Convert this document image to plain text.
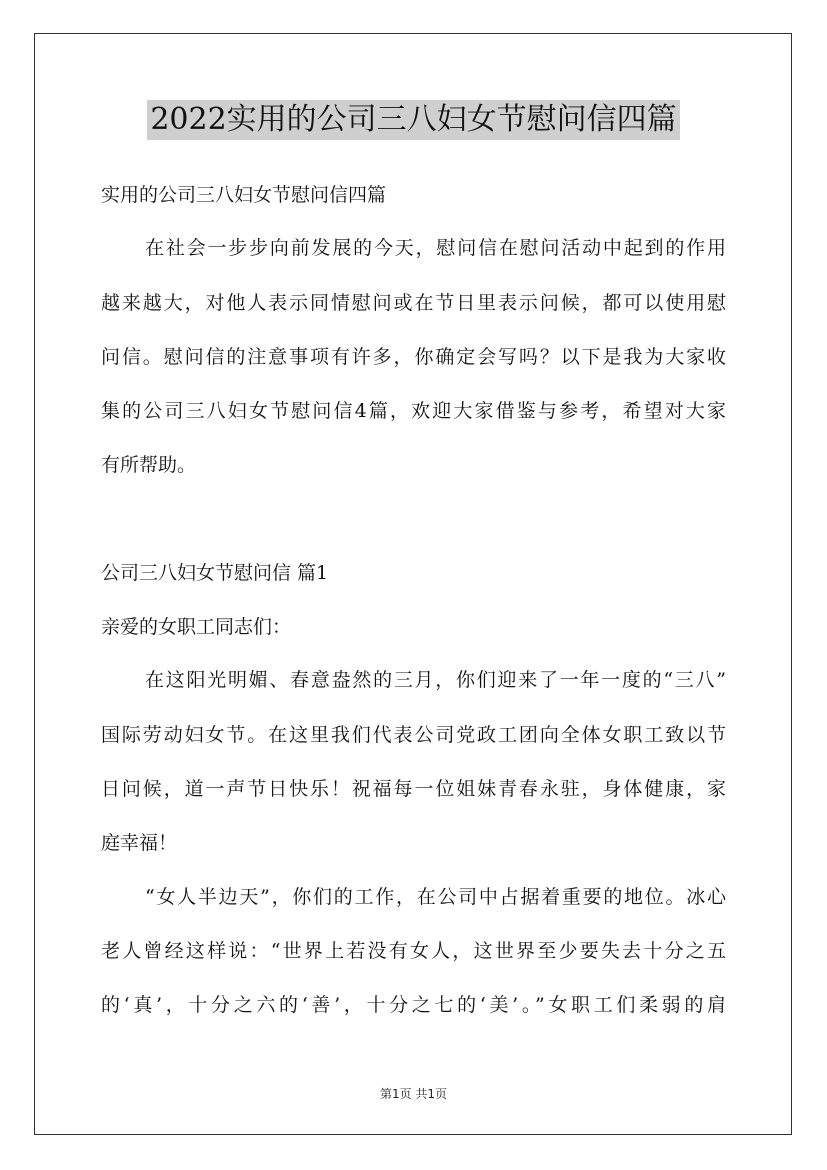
2022实用的公司三八妇女节慰问信四篇
实用的公司三八妇女节慰问信四篇
在社会一步步向前发展的今天，慰问信在慰问活动中起到的作用
越来越大，对他人表示同情慰问或在节日里表示问候，都可以使用慰
问信。慰问信的注意事项有许多，你确定会写吗？以下是我为大家收
集的公司三八妇女节慰问信4篇，欢迎大家借鉴与参考，希望对大家
有所帮助。
公司三八妇女节慰问信 篇1
亲爱的女职工同志们：
在这阳光明媚、春意盎然的三月，你们迎来了一年一度的“三八”
国际劳动妇女节。在这里我们代表公司党政工团向全体女职工致以节
日问候，道一声节日快乐！祝福每一位姐妹青春永驻，身体健康，家
庭幸福！
“女人半边天”，你们的工作，在公司中占据着重要的地位。冰心
老人曾经这样说：“世界上若没有女人，这世界至少要失去十分之五
的‘真’，十分之六的‘善’，十分之七的‘美’。”女职工们柔弱的肩
第1页 共1页
